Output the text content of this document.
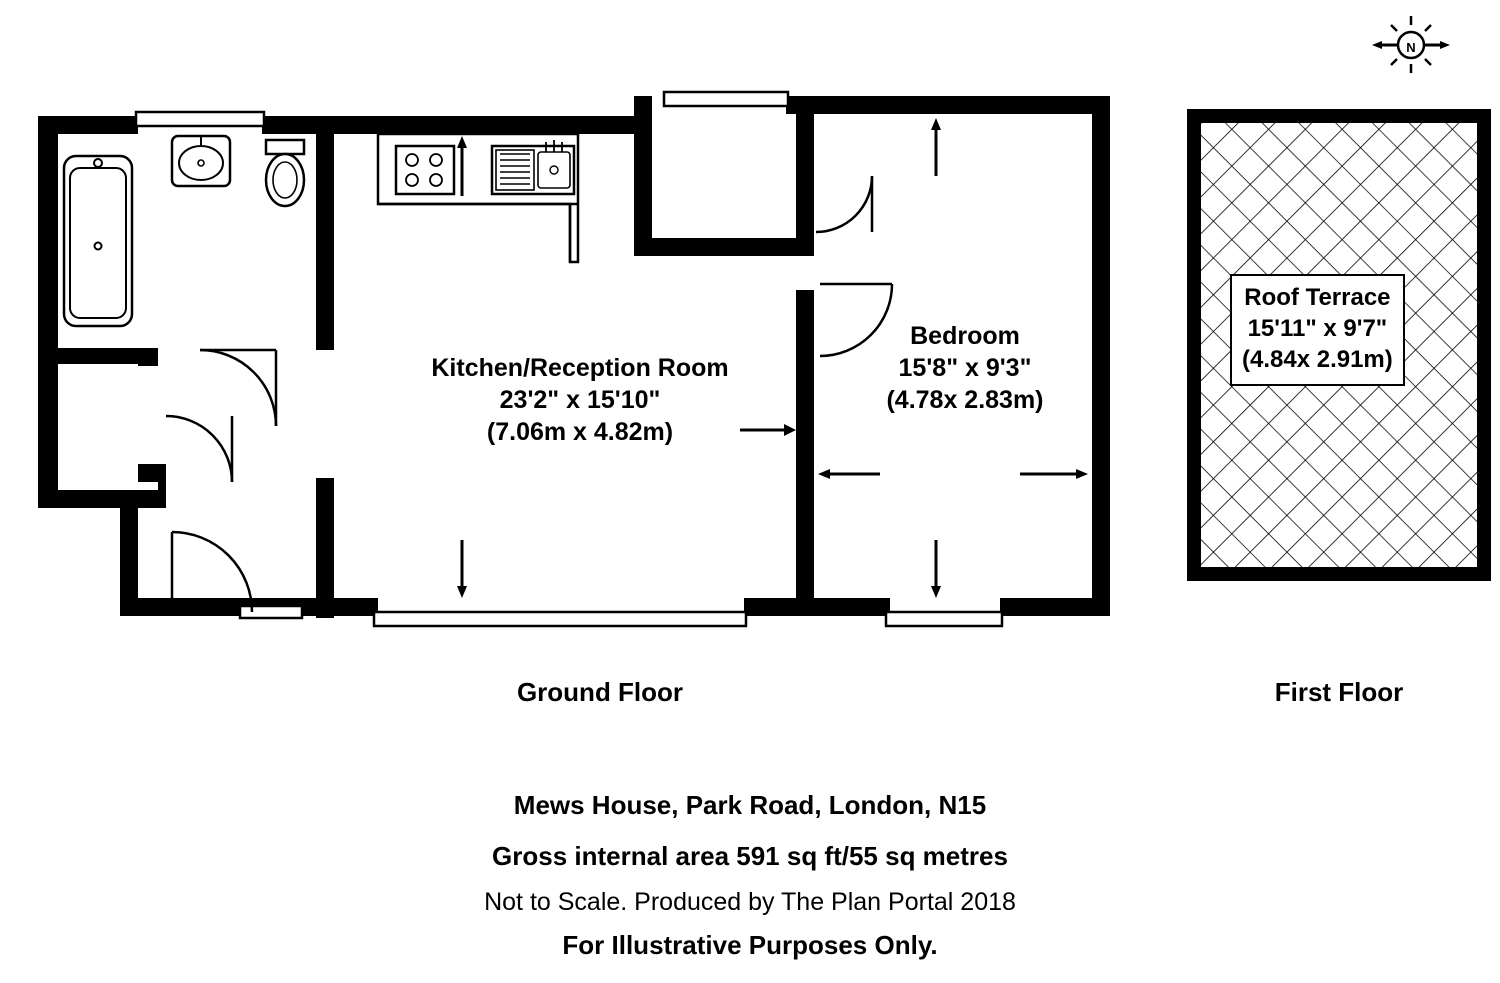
N
Kitchen/Reception Room
23'2" x 15'10"
(7.06m x 4.82m)
Bedroom
15'8" x 9'3"
(4.78x 2.83m)
Roof Terrace
15'11" x 9'7"
(4.84x 2.91m)
Ground Floor	First Floor
Mews House, Park Road, London, N15
Gross internal area 591 sq ft/55 sq metres
Not to Scale. Produced by The Plan Portal 2018
For Illustrative Purposes Only.
